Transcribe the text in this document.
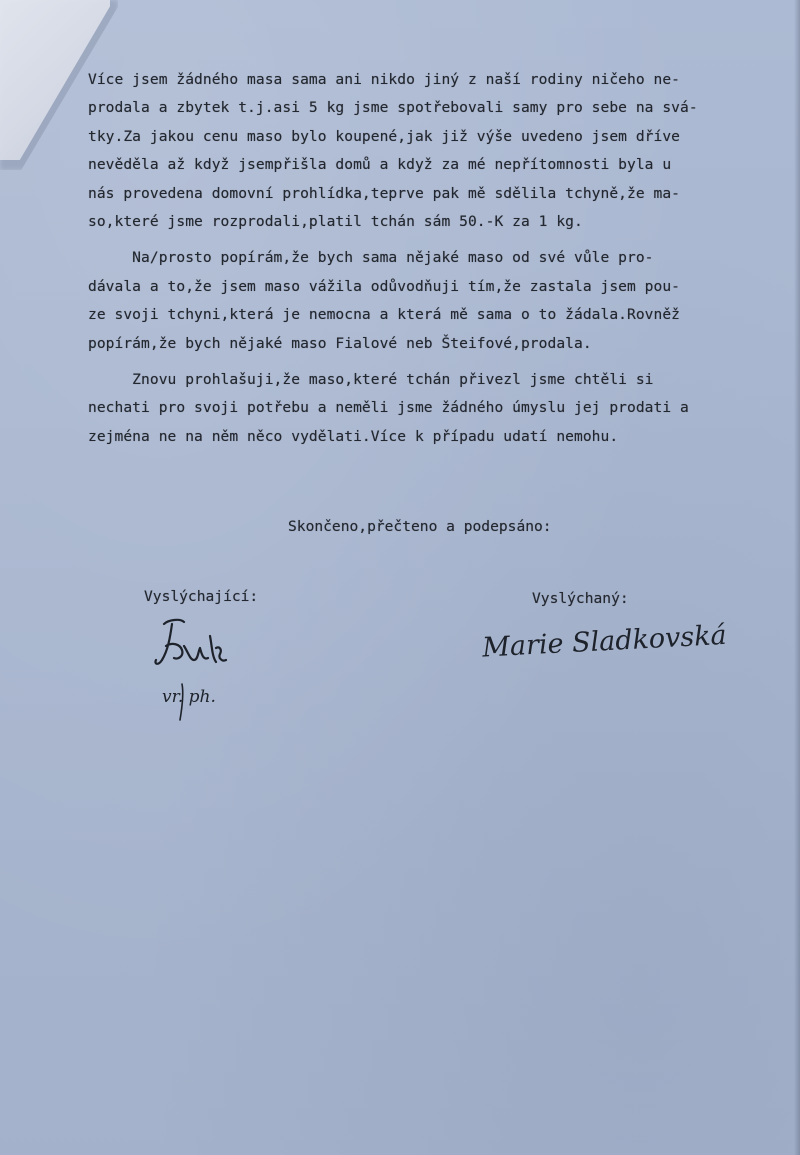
Více jsem žádného masa sama ani nikdo jiný z naší rodiny ničeho ne-
prodala a zbytek t.j.asi 5 kg jsme spotřebovali samy pro sebe na svá-
tky.Za jakou cenu maso bylo koupené,jak již výše uvedeno jsem dříve
nevěděla až když jsempřišla domů a když za mé nepřítomnosti byla u
nás provedena domovní prohlídka,teprve pak mě sdělila tchyně,že ma-
so,které jsme rozprodali,platil tchán sám 50.-K za 1 kg.
Na/prosto popírám,že bych sama nějaké maso od své vůle pro-
dávala a to,že jsem maso vážila odůvodňuji tím,že zastala jsem pou-
ze svoji tchyni,která je nemocna a která mě sama o to žádala.Rovněž
popírám,že bych nějaké maso Fialové neb Šteifové,prodala.
Znovu prohlašuji,že maso,které tchán přivezl jsme chtěli si
nechati pro svoji potřebu a neměli jsme žádného úmyslu jej prodati a
zejména ne na něm něco vydělati.Více k případu udatí nemohu.
Skončeno,přečteno a podepsáno:
Vyslýchající:	Vyslýchaný:
vr. ph.
Marie Sladkovská
